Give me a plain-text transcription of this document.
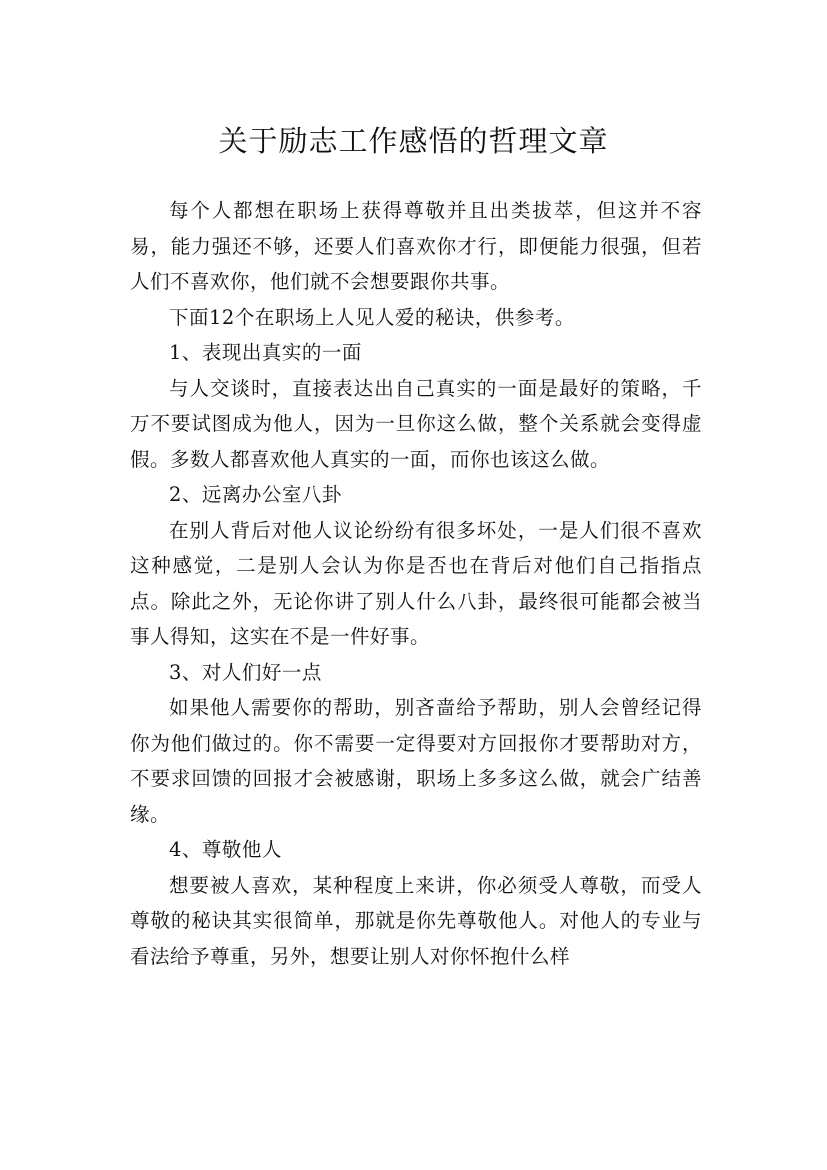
关于励志工作感悟的哲理文章

每个人都想在职场上获得尊敬并且出类拔萃，但这并不容易，能力强还不够，还要人们喜欢你才行，即便能力很强，但若人们不喜欢你，他们就不会想要跟你共事。

下面12个在职场上人见人爱的秘诀，供参考。

1、表现出真实的一面

与人交谈时，直接表达出自己真实的一面是最好的策略，千万不要试图成为他人，因为一旦你这么做，整个关系就会变得虚假。多数人都喜欢他人真实的一面，而你也该这么做。

2、远离办公室八卦

在别人背后对他人议论纷纷有很多坏处，一是人们很不喜欢这种感觉，二是别人会认为你是否也在背后对他们自己指指点点。除此之外，无论你讲了别人什么八卦，最终很可能都会被当事人得知，这实在不是一件好事。

3、对人们好一点

如果他人需要你的帮助，别吝啬给予帮助，别人会曾经记得你为他们做过的。你不需要一定得要对方回报你才要帮助对方，不要求回馈的回报才会被感谢，职场上多多这么做，就会广结善缘。

4、尊敬他人

想要被人喜欢，某种程度上来讲，你必须受人尊敬，而受人尊敬的秘诀其实很简单，那就是你先尊敬他人。对他人的专业与看法给予尊重，另外，想要让别人对你怀抱什么样
